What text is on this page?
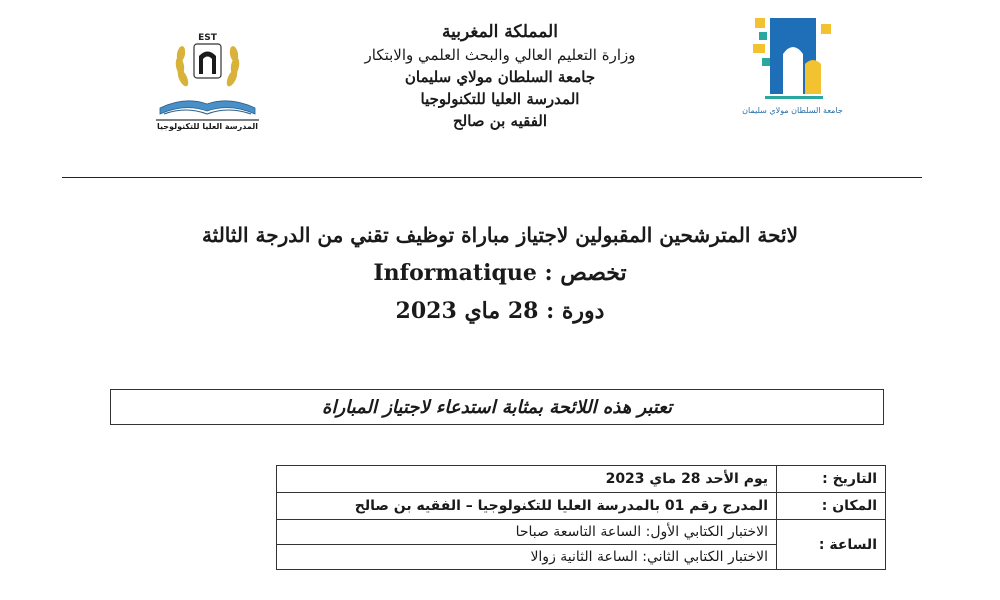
EST
المدرسة العليا للتكنولوجيا
المملكة المغربية
وزارة التعليم العالي والبحث العلمي والابتكار
جامعة السلطان مولاي سليمان
المدرسة العليا للتكنولوجيا
الفقيه بن صالح
جامعة السلطان مولاي سليمان
لائحة المترشحين المقبولين لاجتياز مباراة توظيف تقني من الدرجة الثالثة
تخصص : Informatique
دورة : 28 ماي 2023
تعتبر هذه اللائحة بمثابة استدعاء لاجتياز المباراة
التاريخ :	يوم الأحد 28 ماي 2023
المكان :	المدرج رقم 01 بالمدرسة العليا للتكنولوجيا – الفقيه بن صالح
الساعة :	الاختبار الكتابي الأول: الساعة التاسعة صباحا
	الاختبار الكتابي الثاني: الساعة الثانية زوالا
